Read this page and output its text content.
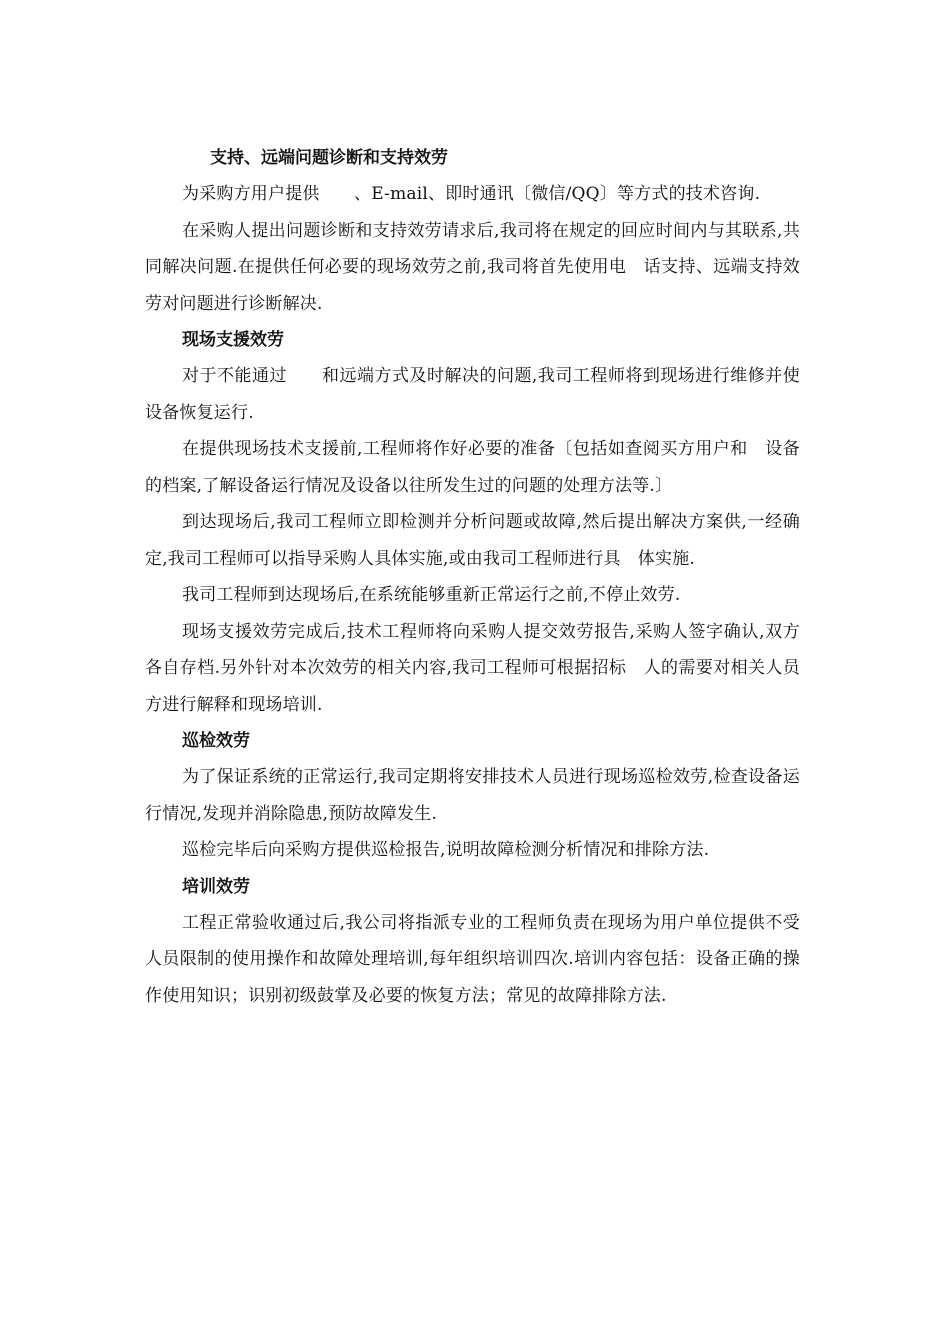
支持、远端问题诊断和支持效劳

为采购方用户提供　　、E-mail、即时通讯〔微信/QQ〕等方式的技术咨询.

在采购人提出问题诊断和支持效劳请求后,我司将在规定的回应时间内与其联系,共同解决问题.在提供任何必要的现场效劳之前,我司将首先使用电　话支持、远端支持效劳对问题进行诊断解决.

现场支援效劳

对于不能通过　　和远端方式及时解决的问题,我司工程师将到现场进行维修并使设备恢复运行.

在提供现场技术支援前,工程师将作好必要的准备〔包括如查阅买方用户和　设备的档案,了解设备运行情况及设备以往所发生过的问题的处理方法等.〕

到达现场后,我司工程师立即检测并分析问题或故障,然后提出解决方案供,一经确定,我司工程师可以指导采购人具体实施,或由我司工程师进行具　体实施.

我司工程师到达现场后,在系统能够重新正常运行之前,不停止效劳.

现场支援效劳完成后,技术工程师将向采购人提交效劳报告,采购人签字确认,双方各自存档.另外针对本次效劳的相关内容,我司工程师可根据招标　人的需要对相关人员方进行解释和现场培训.

巡检效劳

为了保证系统的正常运行,我司定期将安排技术人员进行现场巡检效劳,检查设备运行情况,发现并消除隐患,预防故障发生.

巡检完毕后向采购方提供巡检报告,说明故障检测分析情况和排除方法.

培训效劳

工程正常验收通过后,我公司将指派专业的工程师负责在现场为用户单位提供不受人员限制的使用操作和故障处理培训,每年组织培训四次.培训内容包括：设备正确的操作使用知识；识别初级鼓掌及必要的恢复方法；常见的故障排除方法.
